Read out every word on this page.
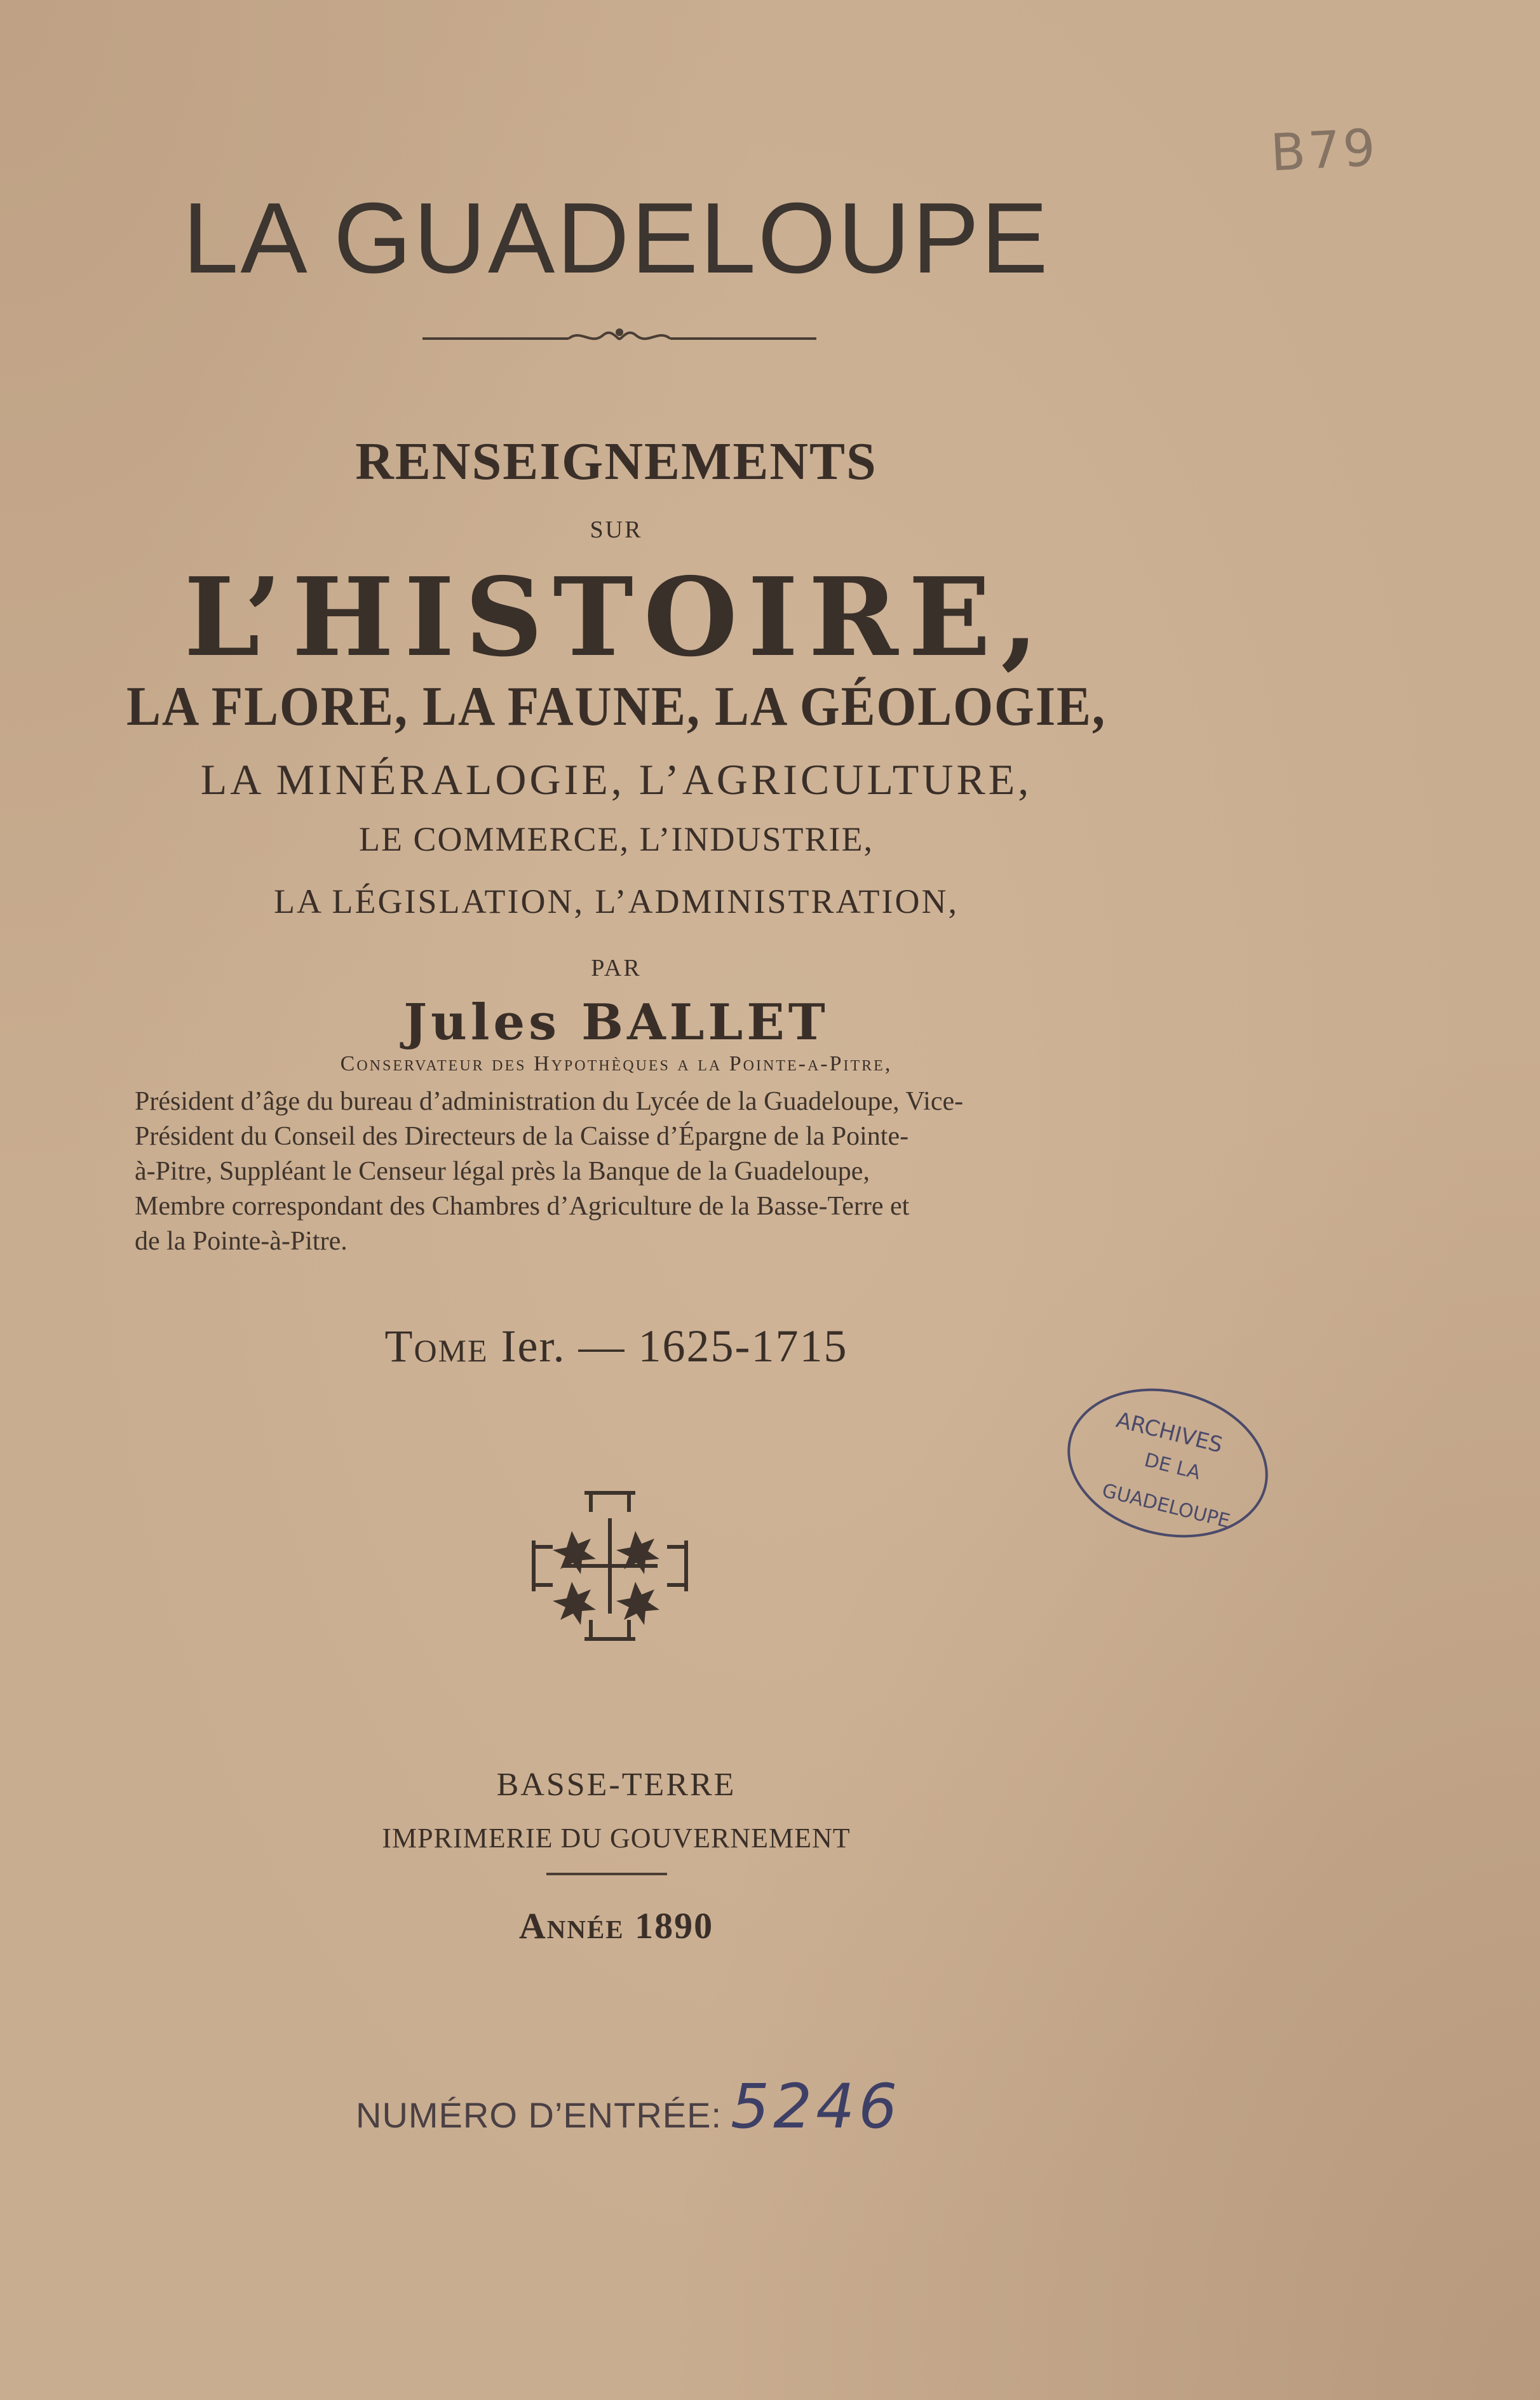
B79
LA GUADELOUPE
RENSEIGNEMENTS
SUR
L’HISTOIRE,
LA FLORE, LA FAUNE, LA GÉOLOGIE,
LA MINÉRALOGIE, L’AGRICULTURE,
LE COMMERCE, L’INDUSTRIE,
LA LÉGISLATION, L’ADMINISTRATION,
PAR
Jules BALLET
Conservateur des Hypothèques a la Pointe-a-Pitre,
Président d’âge du bureau d’administration du Lycée de la Guadeloupe, Vice-
Président du Conseil des Directeurs de la Caisse d’Épargne de la Pointe-
à-Pitre, Suppléant le Censeur légal près la Banque de la Guadeloupe,
Membre correspondant des Chambres d’Agriculture de la Basse-Terre et
de la Pointe-à-Pitre.
Tome Ier. — 1625-1715
ARCHIVES
DE LA
GUADELOUPE
BASSE-TERRE
IMPRIMERIE DU GOUVERNEMENT
Année 1890
NUMÉRO D’ENTRÉE: 5246
